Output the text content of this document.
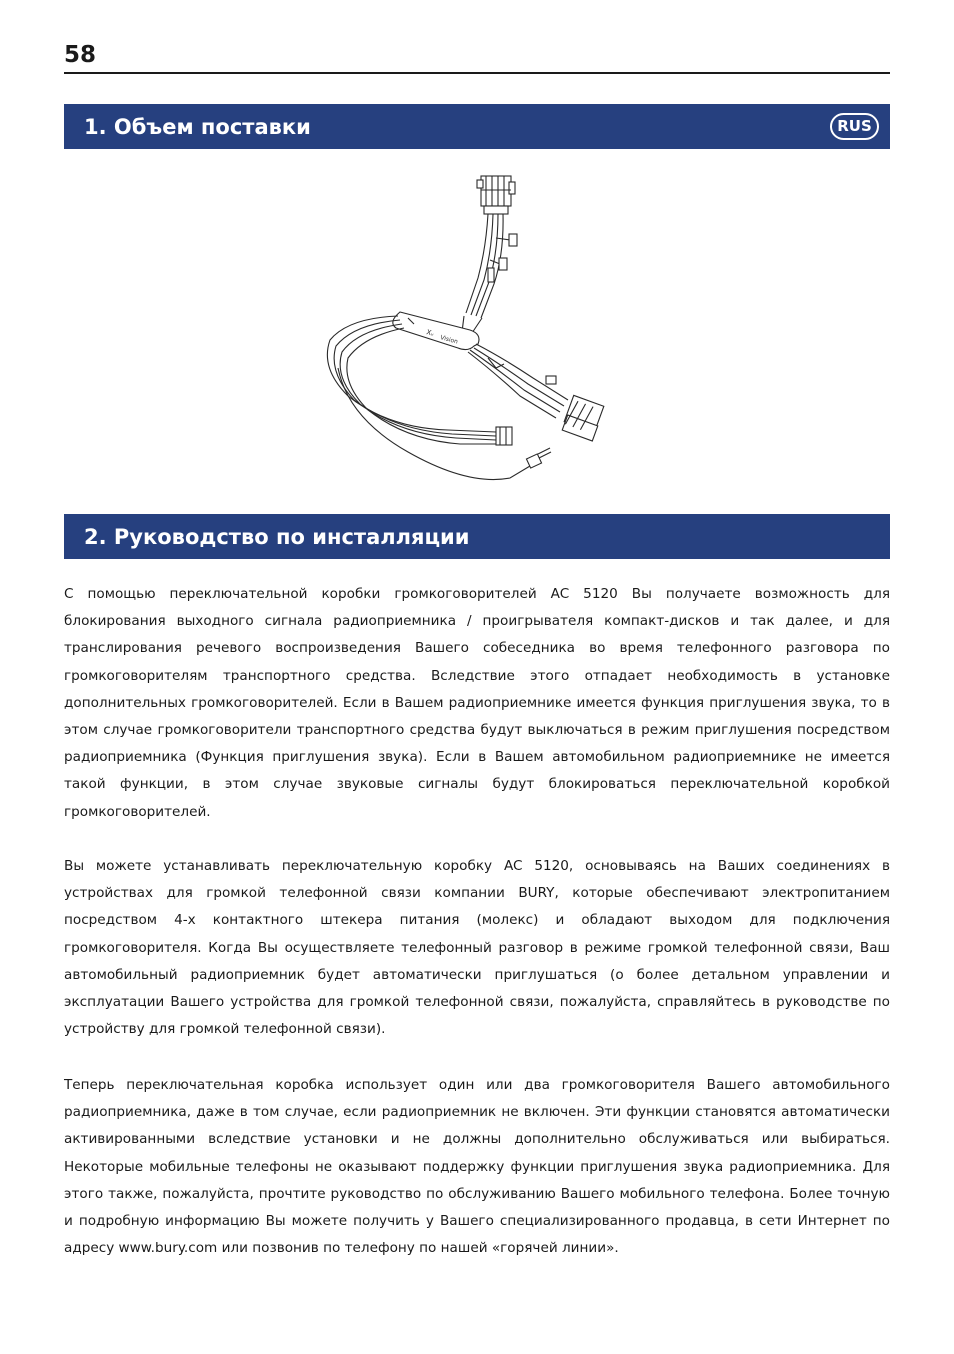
58
1. Объем поставки	RUS
Xᵥ
Vision
2. Руководство по инсталляции

С помощью переключательной коробки громкоговорителей AC 5120 Вы получаете возможность для блокирования выходного сигнала радиоприемника / проигрывателя компакт-дисков и так далее, и для транслирования речевого воспроизведения Вашего собеседника во время телефонного разговора по громкоговорителям транспортного средства. Вследствие этого отпадает необходимость в установке дополнительных громкоговорителей. Если в Вашем радиоприемнике имеется функция приглушения звука, то в этом случае громкоговорители транспортного средства будут выключаться в режим приглушения посредством радиоприемника (Функция приглушения звука). Если в Вашем автомобильном радиоприемнике не имеется такой функции, в этом случае звуковые сигналы будут блокироваться переключательной коробкой громкоговорителей.

Вы можете устанавливать переключательную коробку AC 5120, основываясь на Ваших соединениях в устройствах для громкой телефонной связи компании BURY, которые обеспечивают электропитанием посредством 4-х контактного штекера питания (молекс) и обладают выходом для подключения громкоговорителя. Когда Вы осуществляете телефонный разговор в режиме громкой телефонной связи, Ваш автомобильный радиоприемник будет автоматически приглушаться (о более детальном управлении и эксплуатации Вашего устройства для громкой телефонной связи, пожалуйста, справляйтесь в руководстве по устройству для громкой телефонной связи).

Теперь переключательная коробка использует один или два громкоговорителя Вашего автомобильного радиоприемника, даже в том случае, если радиоприемник не включен. Эти функции становятся автоматически активированными вследствие установки и не должны дополнительно обслуживаться или выбираться. Некоторые мобильные телефоны не оказывают поддержку функции приглушения звука радиоприемника. Для этого также, пожалуйста, прочтите руководство по обслуживанию Вашего мобильного телефона. Более точную и подробную информацию Вы можете получить у Вашего специализированного продавца, в сети Интернет по адресу www.bury.com или позвонив по телефону по нашей «горячей линии».
